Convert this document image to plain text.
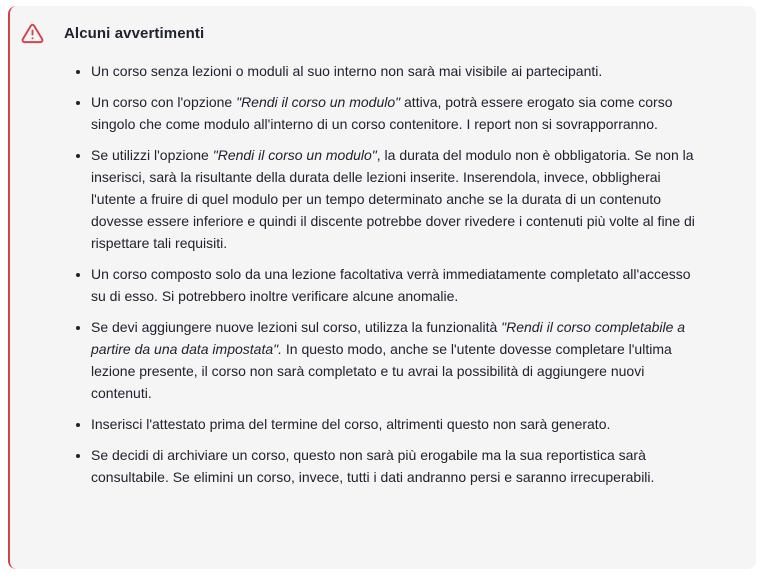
Alcuni avvertimenti
• Un corso senza lezioni o moduli al suo interno non sarà mai visibile ai partecipanti.
• Un corso con l'opzione "Rendi il corso un modulo" attiva, potrà essere erogato sia come corso singolo che come modulo all'interno di un corso contenitore. I report non si sovrapporranno.
• Se utilizzi l'opzione "Rendi il corso un modulo", la durata del modulo non è obbligatoria. Se non la inserisci, sarà la risultante della durata delle lezioni inserite. Inserendola, invece, obbligherai l'utente a fruire di quel modulo per un tempo determinato anche se la durata di un contenuto dovesse essere inferiore e quindi il discente potrebbe dover rivedere i contenuti più volte al fine di rispettare tali requisiti.
• Un corso composto solo da una lezione facoltativa verrà immediatamente completato all'accesso su di esso. Si potrebbero inoltre verificare alcune anomalie.
• Se devi aggiungere nuove lezioni sul corso, utilizza la funzionalità "Rendi il corso completabile a partire da una data impostata". In questo modo, anche se l'utente dovesse completare l'ultima lezione presente, il corso non sarà completato e tu avrai la possibilità di aggiungere nuovi contenuti.
• Inserisci l'attestato prima del termine del corso, altrimenti questo non sarà generato.
• Se decidi di archiviare un corso, questo non sarà più erogabile ma la sua reportistica sarà consultabile. Se elimini un corso, invece, tutti i dati andranno persi e saranno irrecuperabili.
